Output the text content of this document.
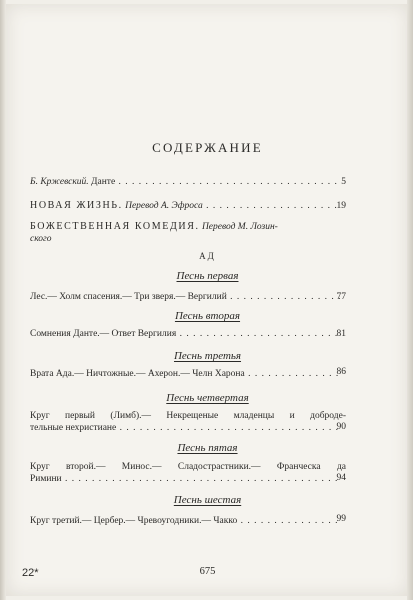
СОДЕРЖАНИЕ
Б. Кржевский. Данте . . .	5
НОВАЯ ЖИЗНЬ. Перевод А. Эфроса . . .	19
БОЖЕСТВЕННАЯ КОМЕДИЯ. Перевод М. Лозин-
ского
АД
Песнь первая
Лес.— Холм спасения.— Три зверя.— Вергилий . . .	77
Песнь вторая
Сомнения Данте.— Ответ Вергилия . . .	81
Песнь третья
Врата Ада.— Ничтожные.— Ахерон.— Челн Харона . . .	86
Песнь четвертая
Круг первый (Лимб).— Некрещеные младенцы и доброде-
тельные нехристиане . . .	90
Песнь пятая
Круг второй.— Минос.— Сладострастники.— Франческа да
Римини . . .	94
Песнь шестая
Круг третий.— Цербер.— Чревоугодники.— Чакко . . .	99
22*	675
